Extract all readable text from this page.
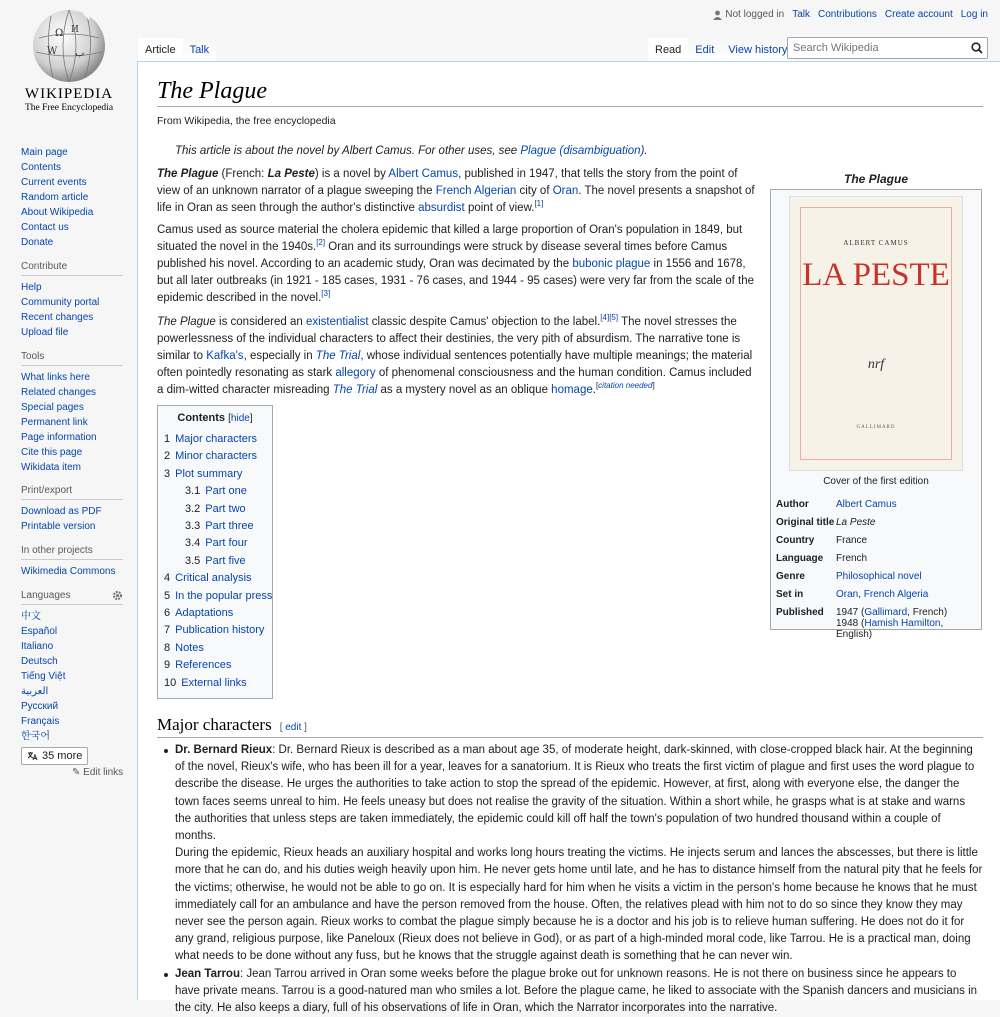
Ω И
W ب
WIKIPEDIA
The Free Encyclopedia
Main page
Contents
Current events
Random article
About Wikipedia
Contact us
Donate
Contribute
Help
Community portal
Recent changes
Upload file
Tools
What links here
Related changes
Special pages
Permanent link
Page information
Cite this page
Wikidata item
Print/export
Download as PDF
Printable version
In other projects
Wikimedia Commons
Languages
中文
Español
Italiano
Deutsch
Tiếng Việt
العربية
Русский
Français
한국어
35 more
✎ Edit links
Not logged in Talk Contributions Create account Log in
Article	Talk	Read	Edit	View history
Search Wikipedia
The Plague
From Wikipedia, the free encyclopedia
This article is about the novel by Albert Camus. For other uses, see Plague (disambiguation).

The Plague (French: La Peste) is a novel by Albert Camus, published in 1947, that tells the story from the point of view of an unknown narrator of a plague sweeping the French Algerian city of Oran. The novel presents a snapshot of life in Oran as seen through the author's distinctive absurdist point of view.[1]

Camus used as source material the cholera epidemic that killed a large proportion of Oran's population in 1849, but situated the novel in the 1940s.[2] Oran and its surroundings were struck by disease several times before Camus published his novel. According to an academic study, Oran was decimated by the bubonic plague in 1556 and 1678, but all later outbreaks (in 1921 - 185 cases, 1931 - 76 cases, and 1944 - 95 cases) were very far from the scale of the epidemic described in the novel.[3]

The Plague is considered an existentialist classic despite Camus' objection to the label.[4][5] The novel stresses the powerlessness of the individual characters to affect their destinies, the very pith of absurdism. The narrative tone is similar to Kafka's, especially in The Trial, whose individual sentences potentially have multiple meanings; the material often pointedly resonating as stark allegory of phenomenal consciousness and the human condition. Camus included a dim-witted character misreading The Trial as a mystery novel as an oblique homage.[citation needed]

The Plague
ALBERT CAMUS
LA PESTE
nrf
GALLIMARD
Cover of the first edition
Author	Albert Camus
Original title	La Peste
Country	France
Language	French
Genre	Philosophical novel
Set in	Oran, French Algeria
Published	1947 (Gallimard, French)
1948 (Hamish Hamilton, English)
Contents [hide]
1 Major characters
2 Minor characters
3 Plot summary
3.1 Part one
3.2 Part two
3.3 Part three
3.4 Part four
3.5 Part five
4 Critical analysis
5 In the popular press
6 Adaptations
7 Publication history
8 Notes
9 References
10 External links
Major characters [ edit ]

Dr. Bernard Rieux: Dr. Bernard Rieux is described as a man about age 35, of moderate height, dark-skinned, with close-cropped black hair. At the beginning of the novel, Rieux's wife, who has been ill for a year, leaves for a sanatorium. It is Rieux who treats the first victim of plague and first uses the word plague to describe the disease. He urges the authorities to take action to stop the spread of the epidemic. However, at first, along with everyone else, the danger the town faces seems unreal to him. He feels uneasy but does not realise the gravity of the situation. Within a short while, he grasps what is at stake and warns the authorities that unless steps are taken immediately, the epidemic could kill off half the town's population of two hundred thousand within a couple of months.

During the epidemic, Rieux heads an auxiliary hospital and works long hours treating the victims. He injects serum and lances the abscesses, but there is little more that he can do, and his duties weigh heavily upon him. He never gets home until late, and he has to distance himself from the natural pity that he feels for the victims; otherwise, he would not be able to go on. It is especially hard for him when he visits a victim in the person's home because he knows that he must immediately call for an ambulance and have the person removed from the house. Often, the relatives plead with him not to do so since they know they may never see the person again. Rieux works to combat the plague simply because he is a doctor and his job is to relieve human suffering. He does not do it for any grand, religious purpose, like Paneloux (Rieux does not believe in God), or as part of a high-minded moral code, like Tarrou. He is a practical man, doing what needs to be done without any fuss, but he knows that the struggle against death is something that he can never win.

Jean Tarrou: Jean Tarrou arrived in Oran some weeks before the plague broke out for unknown reasons. He is not there on business since he appears to have private means. Tarrou is a good-natured man who smiles a lot. Before the plague came, he liked to associate with the Spanish dancers and musicians in the city. He also keeps a diary, full of his observations of life in Oran, which the Narrator incorporates into the narrative.
